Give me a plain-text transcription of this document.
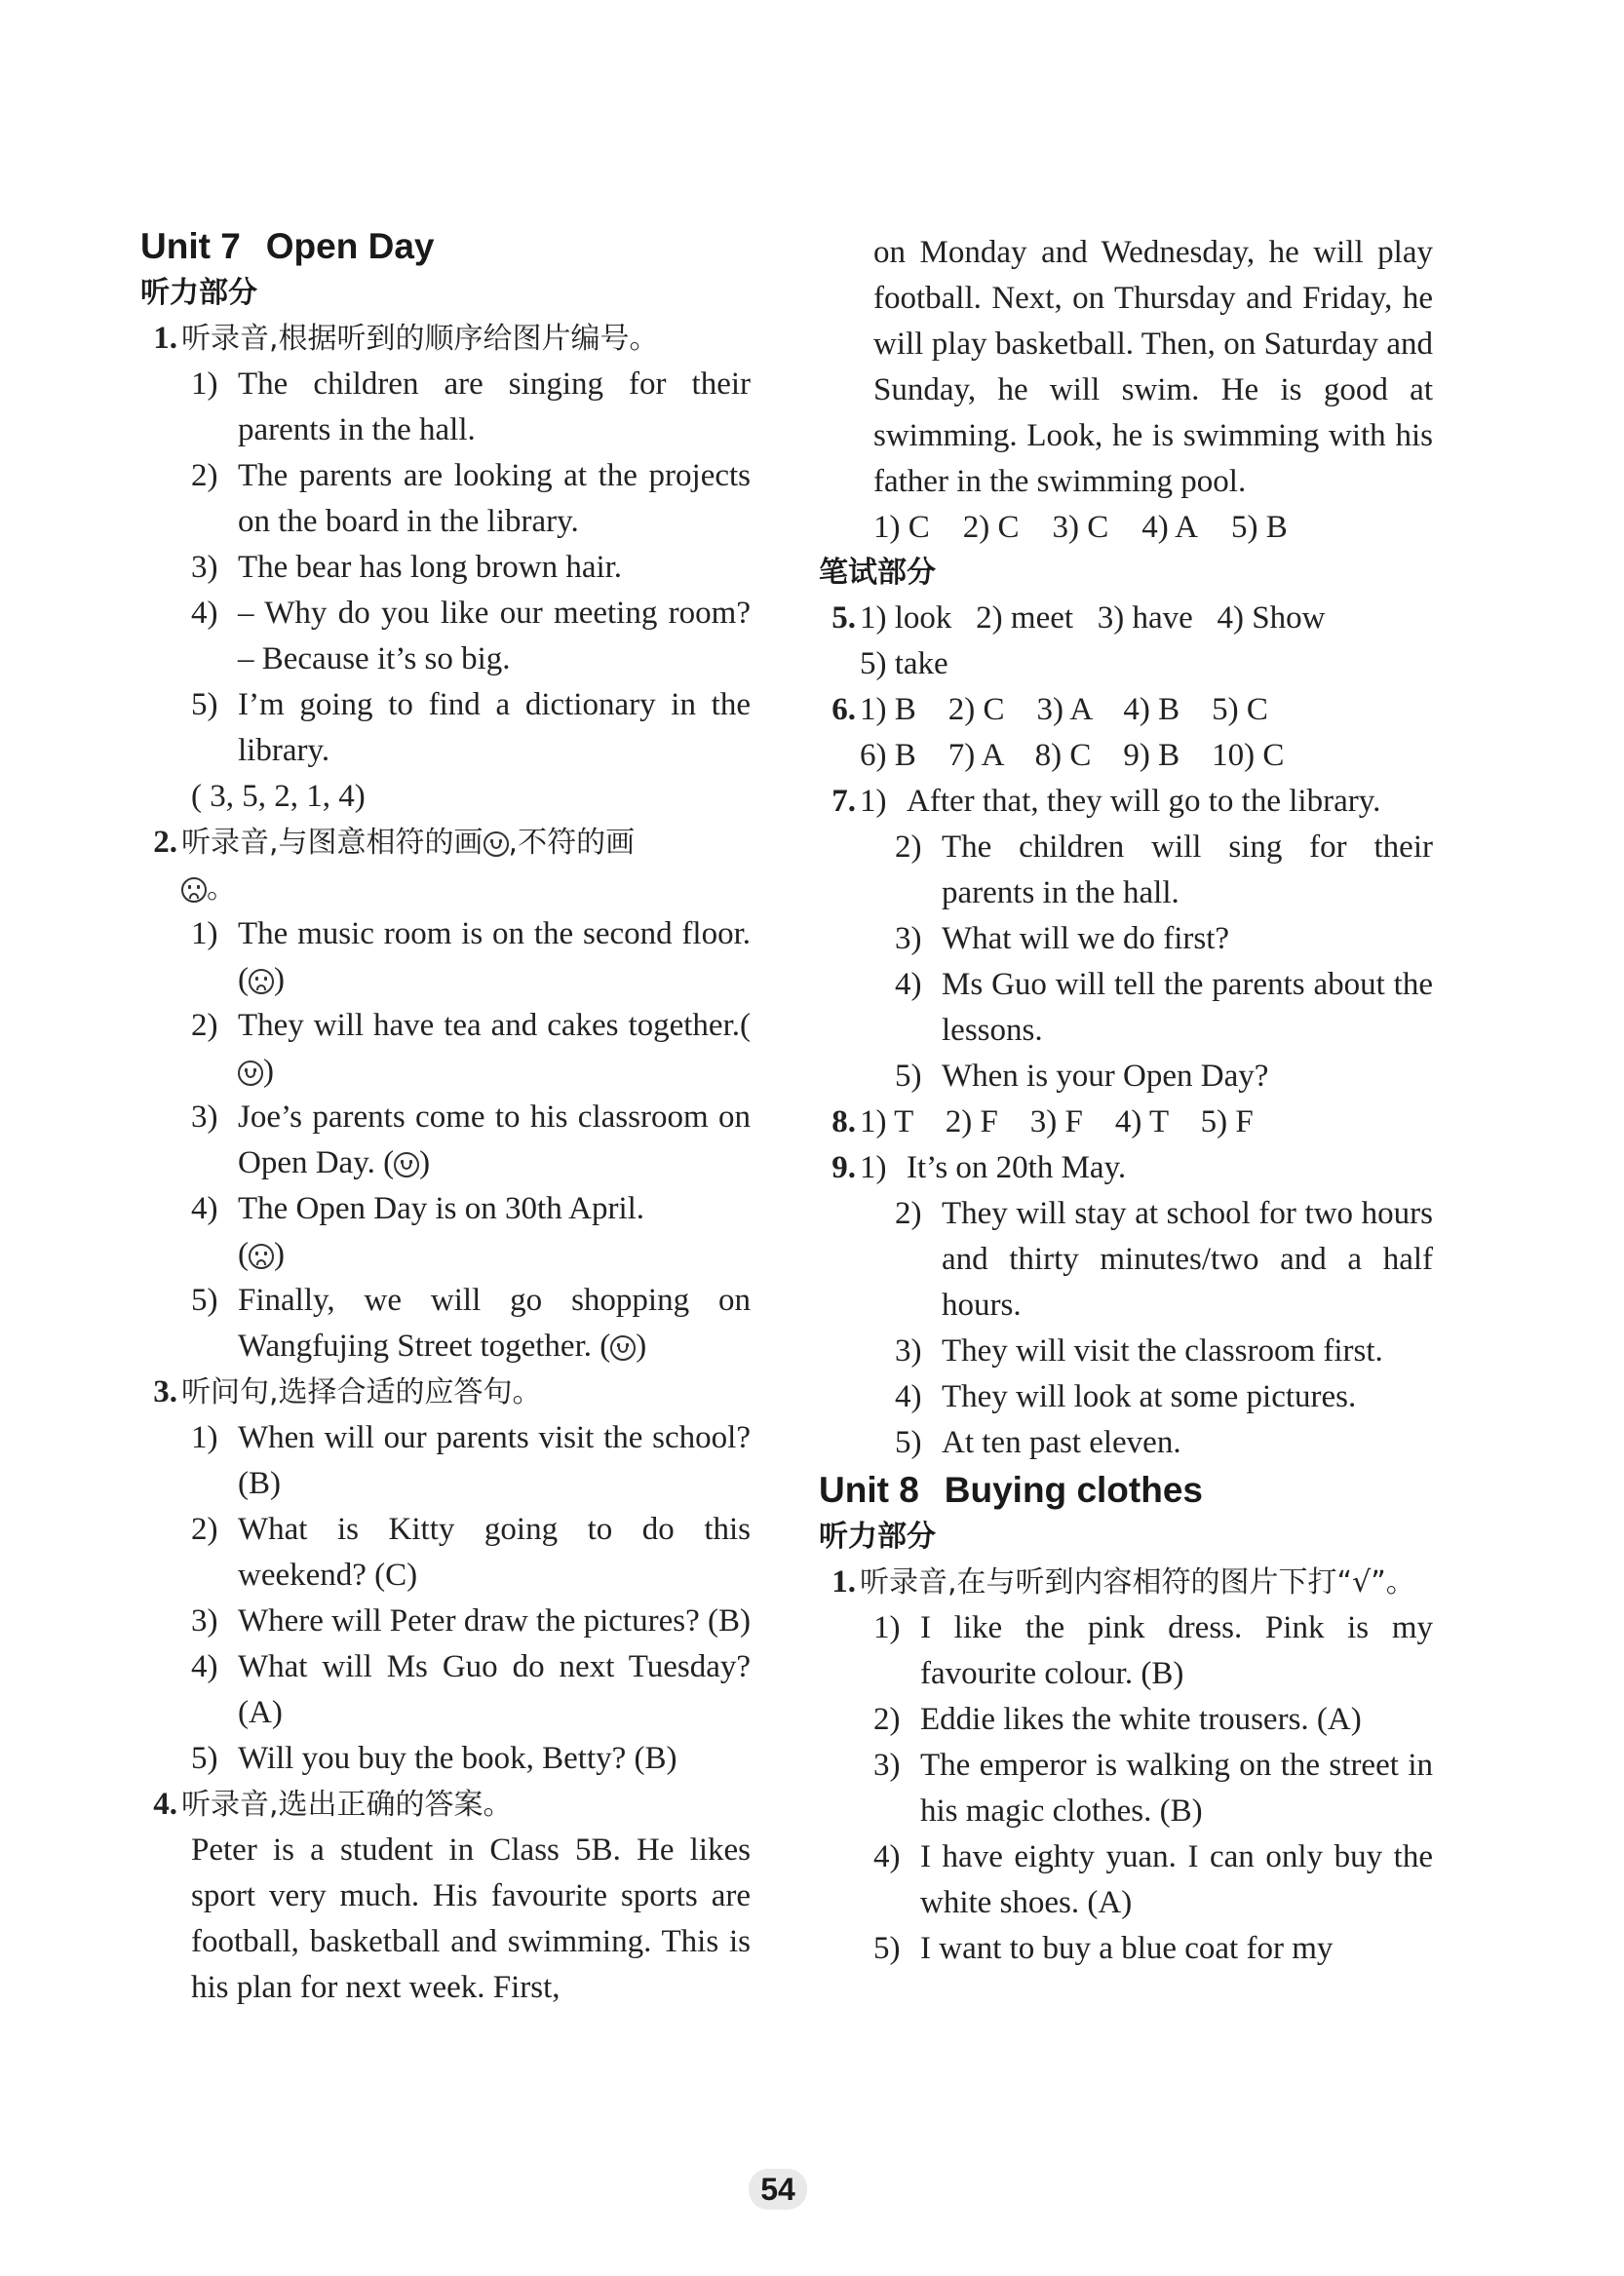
Unit 7 Open Day
听力部分
1. 听录音,根据听到的顺序给图片编号。
1) The children are singing for their parents in the hall.
2) The parents are looking at the projects on the board in the library.
3) The bear has long brown hair.
4) – Why do you like our meeting room? – Because it’s so big.
5) I’m going to find a dictionary in the library.
( 3, 5, 2, 1, 4)
2. 听录音,与图意相符的画 ,不符的画
。
1) The music room is on the second floor. ( )
2) They will have tea and cakes together.()
3) Joe’s parents come to his classroom on Open Day. ( )
4) The Open Day is on 30th April.
( )
5) Finally, we will go shopping on Wangfujing Street together. ( )
3. 听问句,选择合适的应答句。
1) When will our parents visit the school? (B)
2) What is Kitty going to do this weekend? (C)
3) Where will Peter draw the pictures? (B)
4) What will Ms Guo do next Tuesday? (A)
5) Will you buy the book, Betty? (B)
4. 听录音,选出正确的答案。
Peter is a student in Class 5B. He likes sport very much. His favourite sports are football, basketball and swimming. This is his plan for next week. First,
on Monday and Wednesday, he will play football. Next, on Thursday and Friday, he will play basketball. Then, on Saturday and Sunday, he will swim. He is good at swimming. Look, he is swimming with his father in the swimming pool.
1) C 2) C 3) C 4) A 5) B
笔试部分
5. 1) look   2) meet   3) have   4) Show
5) take
6. 1) B    2) C    3) A    4) B    5) C
6) B    7) A    8) C    9) B    10) C
7. 1) After that, they will go to the library.
2) The children will sing for their parents in the hall.
3) What will we do first?
4) Ms Guo will tell the parents about the lessons.
5) When is your Open Day?
8. 1) T    2) F    3) F    4) T    5) F
9. 1) It’s on 20th May.
2) They will stay at school for two hours and thirty minutes/two and a half hours.
3) They will visit the classroom first.
4) They will look at some pictures.
5) At ten past eleven.
Unit 8 Buying clothes
听力部分
1. 听录音,在与听到内容相符的图片下打“√”。
1) I like the pink dress. Pink is my favourite colour. (B)
2) Eddie likes the white trousers. (A)
3) The emperor is walking on the street in his magic clothes. (B)
4) I have eighty yuan. I can only buy the white shoes. (A)
5) I want to buy a blue coat for my
54
